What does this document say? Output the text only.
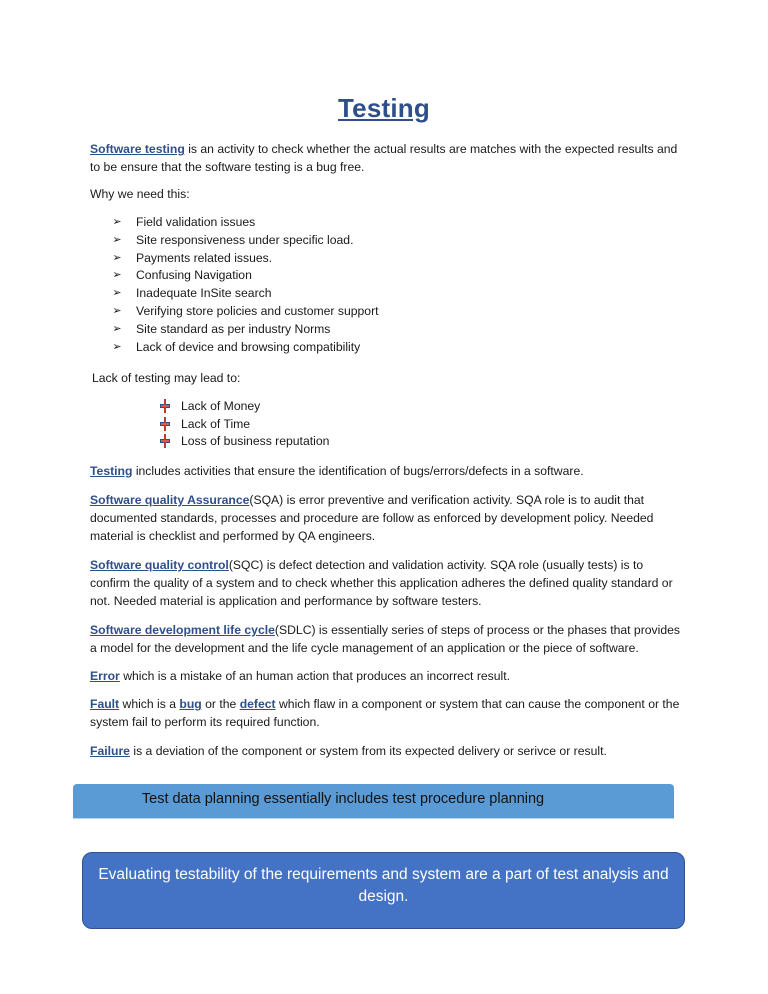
Testing
Software testing is an activity to check whether the actual results are matches with the expected results and to be ensure that the software testing is a bug free.
Why we need this:
➢ Field validation issues
➢ Site responsiveness under specific load.
➢ Payments related issues.
➢ Confusing Navigation
➢ Inadequate InSite search
➢ Verifying store policies and customer support
➢ Site standard as per industry Norms
➢ Lack of device and browsing compatibility
Lack of testing may lead to:
Lack of Money
Lack of Time
Loss of business reputation
Testing includes activities that ensure the identification of bugs/errors/defects in a software.
Software quality Assurance(SQA) is error preventive and verification activity. SQA role is to audit that documented standards, processes and procedure are follow as enforced by development policy. Needed material is checklist and performed by QA engineers.
Software quality control(SQC) is defect detection and validation activity. SQA role (usually tests) is to confirm the quality of a system and to check whether this application adheres the defined quality standard or not. Needed material is application and performance by software testers.
Software development life cycle(SDLC) is essentially series of steps of process or the phases that provides a model for the development and the life cycle management of an application or the piece of software.
Error which is a mistake of an human action that produces an incorrect result.
Fault which is a bug or the defect which flaw in a component or system that can cause the component or the system fail to perform its required function.
Failure is a deviation of the component or system from its expected delivery or serivce or result.
Test data planning essentially includes test procedure planning
Evaluating testability of the requirements and system are a part of test analysis and design.
